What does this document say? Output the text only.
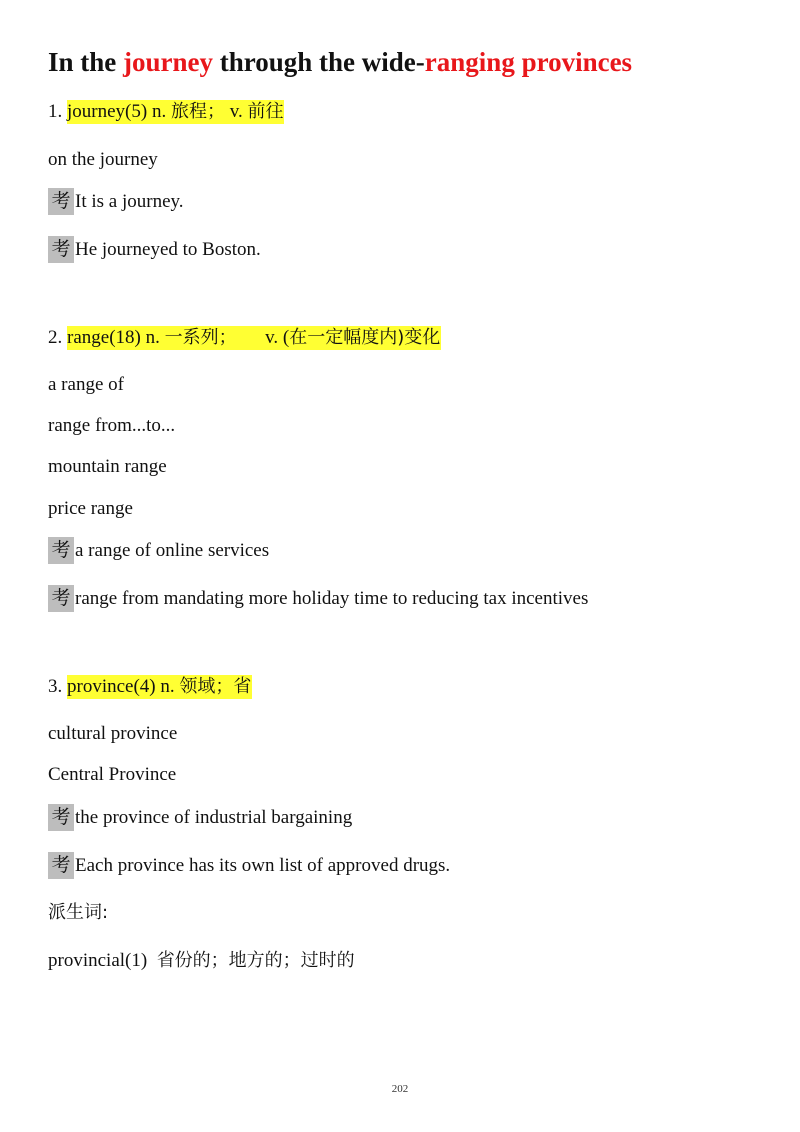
In the journey through the wide-ranging provinces
1. journey(5) n. 旅程； v. 前往
on the journey
考 It is a journey.
考 He journeyed to Boston.
2. range(18) n. 一系列；      v. (在一定幅度内)变化
a range of
range from...to...
mountain range
price range
考 a range of online services
考 range from mandating more holiday time to reducing tax incentives
3. province(4) n. 领域；省
cultural province
Central Province
考 the province of industrial bargaining
考 Each province has its own list of approved drugs.
派生词:
provincial(1)  省份的；地方的；过时的
202
